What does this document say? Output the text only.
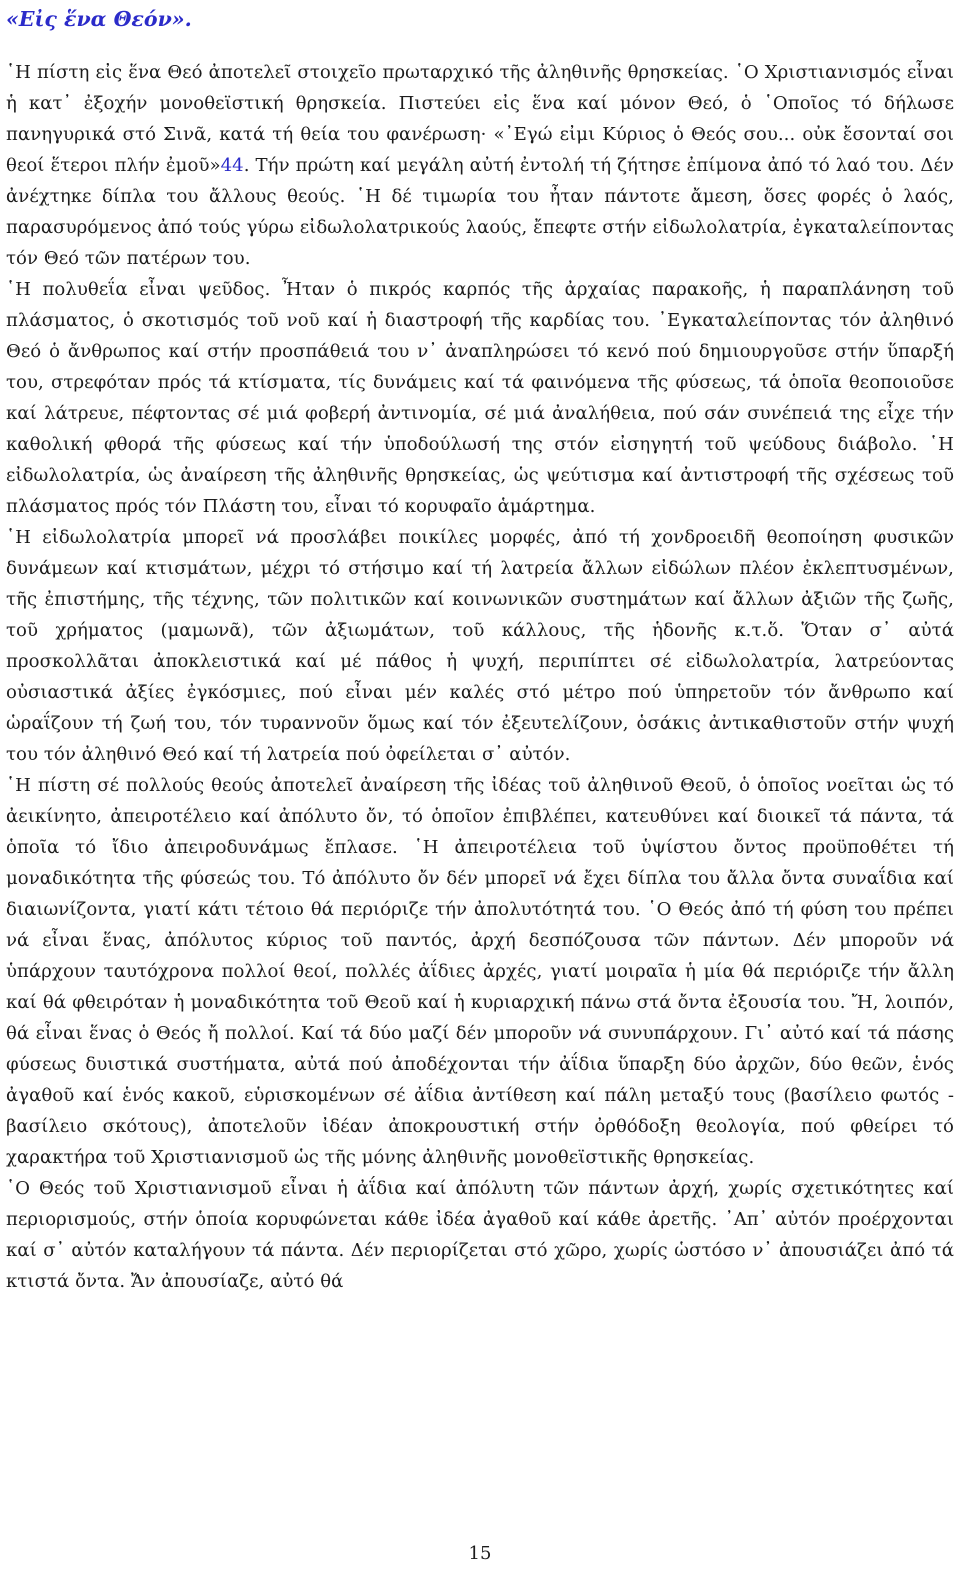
«Εἰς ἕνα Θεόν».

῾Η πίστη εἰς ἕνα Θεό ἀποτελεῖ στοιχεῖο πρωταρχικό τῆς ἀληθινῆς θρησκείας. ῾Ο Χριστιανισμός εἶναι ἡ κατ᾿ ἐξοχήν μονοθεϊστική θρησκεία. Πιστεύει εἰς ἕνα καί μόνον Θεό, ὁ ῾Οποῖος τό δήλωσε πανηγυρικά στό Σινᾶ, κατά τή θεία του φανέρωση· «᾿Εγώ εἰμι Κύριος ὁ Θεός σου... οὐκ ἔσονταί σοι θεοί ἕτεροι πλήν ἐμοῦ»44. Τήν πρώτη καί μεγάλη αὐτή ἐντολή τή ζήτησε ἐπίμονα ἀπό τό λαό του. Δέν ἀνέχτηκε δίπλα του ἄλλους θεούς. ῾Η δέ τιμωρία του ἦταν πάντοτε ἄμεση, ὅσες φορές ὁ λαός, παρασυρόμενος ἀπό τούς γύρω εἰδωλολατρικούς λαούς, ἔπεφτε στήν εἰδωλολατρία, ἐγκαταλείποντας τόν Θεό τῶν πατέρων του.

῾Η πολυθεΐα εἶναι ψεῦδος. Ἦταν ὁ πικρός καρπός τῆς ἀρχαίας παρακοῆς, ἡ παραπλάνηση τοῦ πλάσματος, ὁ σκοτισμός τοῦ νοῦ καί ἡ διαστροφή τῆς καρδίας του. ᾿Εγκαταλείποντας τόν ἀληθινό Θεό ὁ ἄνθρωπος καί στήν προσπάθειά του ν᾿ ἀναπληρώσει τό κενό πού δημιουργοῦσε στήν ὕπαρξή του, στρεφόταν πρός τά κτίσματα, τίς δυνάμεις καί τά φαινόμενα τῆς φύσεως, τά ὁποῖα θεοποιοῦσε καί λάτρευε, πέφτοντας σέ μιά φοβερή ἀντινομία, σέ μιά ἀναλήθεια, πού σάν συνέπειά της εἶχε τήν καθολική φθορά τῆς φύσεως καί τήν ὑποδούλωσή της στόν εἰσηγητή τοῦ ψεύδους διάβολο. ῾Η εἰδωλολατρία, ὡς ἀναίρεση τῆς ἀληθινῆς θρησκείας, ὡς ψεύτισμα καί ἀντιστροφή τῆς σχέσεως τοῦ πλάσματος πρός τόν Πλάστη του, εἶναι τό κορυφαῖο ἁμάρτημα.

῾Η εἰδωλολατρία μπορεῖ νά προσλάβει ποικίλες μορφές, ἀπό τή χονδροειδῆ θεοποίηση φυσικῶν δυνάμεων καί κτισμάτων, μέχρι τό στήσιμο καί τή λατρεία ἄλλων εἰδώλων πλέον ἐκλεπτυσμένων, τῆς ἐπιστήμης, τῆς τέχνης, τῶν πολιτικῶν καί κοινωνικῶν συστημάτων καί ἄλλων ἀξιῶν τῆς ζωῆς, τοῦ χρήματος (μαμωνᾶ), τῶν ἀξιωμάτων, τοῦ κάλλους, τῆς ἡδονῆς κ.τ.ὅ. Ὅταν σ᾿ αὐτά προσκολλᾶται ἀποκλειστικά καί μέ πάθος ἡ ψυχή, περιπίπτει σέ εἰδωλολατρία, λατρεύοντας οὐσιαστικά ἀξίες ἐγκόσμιες, πού εἶναι μέν καλές στό μέτρο πού ὑπηρετοῦν τόν ἄνθρωπο καί ὡραΐζουν τή ζωή του, τόν τυραννοῦν ὅμως καί τόν ἐξευτελίζουν, ὁσάκις ἀντικαθιστοῦν στήν ψυχή του τόν ἀληθινό Θεό καί τή λατρεία πού ὀφείλεται σ᾿ αὐτόν.

῾Η πίστη σέ πολλούς θεούς ἀποτελεῖ ἀναίρεση τῆς ἰδέας τοῦ ἀληθινοῦ Θεοῦ, ὁ ὁποῖος νοεῖται ὡς τό ἀεικίνητο, ἀπειροτέλειο καί ἀπόλυτο ὄν, τό ὁποῖον ἐπιβλέπει, κατευθύνει καί διοικεῖ τά πάντα, τά ὁποῖα τό ἴδιο ἀπειροδυνάμως ἔπλασε. ῾Η ἀπειροτέλεια τοῦ ὑψίστου ὄντος προϋποθέτει τή μοναδικότητα τῆς φύσεώς του. Τό ἀπόλυτο ὄν δέν μπορεῖ νά ἔχει δίπλα του ἄλλα ὄντα συναΐδια καί διαιωνίζοντα, γιατί κάτι τέτοιο θά περιόριζε τήν ἀπολυτότητά του. ῾Ο Θεός ἀπό τή φύση του πρέπει νά εἶναι ἕνας, ἀπόλυτος κύριος τοῦ παντός, ἀρχή δεσπόζουσα τῶν πάντων. Δέν μποροῦν νά ὑπάρχουν ταυτόχρονα πολλοί θεοί, πολλές ἀΐδιες ἀρχές, γιατί μοιραῖα ἡ μία θά περιόριζε τήν ἄλλη καί θά φθειρόταν ἡ μοναδικότητα τοῦ Θεοῦ καί ἡ κυριαρχική πάνω στά ὄντα ἐξουσία του. Ἤ, λοιπόν, θά εἶναι ἕνας ὁ Θεός ἤ πολλοί. Καί τά δύο μαζί δέν μποροῦν νά συνυπάρχουν. Γι᾿ αὐτό καί τά πάσης φύσεως δυιστικά συστήματα, αὐτά πού ἀποδέχονται τήν ἀΐδια ὕπαρξη δύο ἀρχῶν, δύο θεῶν, ἑνός ἀγαθοῦ καί ἑνός κακοῦ, εὑρισκομένων σέ ἀΐδια ἀντίθεση καί πάλη μεταξύ τους (βασίλειο φωτός - βασίλειο σκότους), ἀποτελοῦν ἰδέαν ἀποκρουστική στήν ὀρθόδοξη θεολογία, πού φθείρει τό χαρακτήρα τοῦ Χριστιανισμοῦ ὡς τῆς μόνης ἀληθινῆς μονοθεϊστικῆς θρησκείας.

῾Ο Θεός τοῦ Χριστιανισμοῦ εἶναι ἡ ἀΐδια καί ἀπόλυτη τῶν πάντων ἀρχή, χωρίς σχετικότητες καί περιορισμούς, στήν ὁποία κορυφώνεται κάθε ἰδέα ἀγαθοῦ καί κάθε ἀρετῆς. ᾿Απ᾿ αὐτόν προέρχονται καί σ᾿ αὐτόν καταλήγουν τά πάντα. Δέν περιορίζεται στό χῶρο, χωρίς ὡστόσο ν᾿ ἀπουσιάζει ἀπό τά κτιστά ὄντα. Ἄν ἀπουσίαζε, αὐτό θά

15
